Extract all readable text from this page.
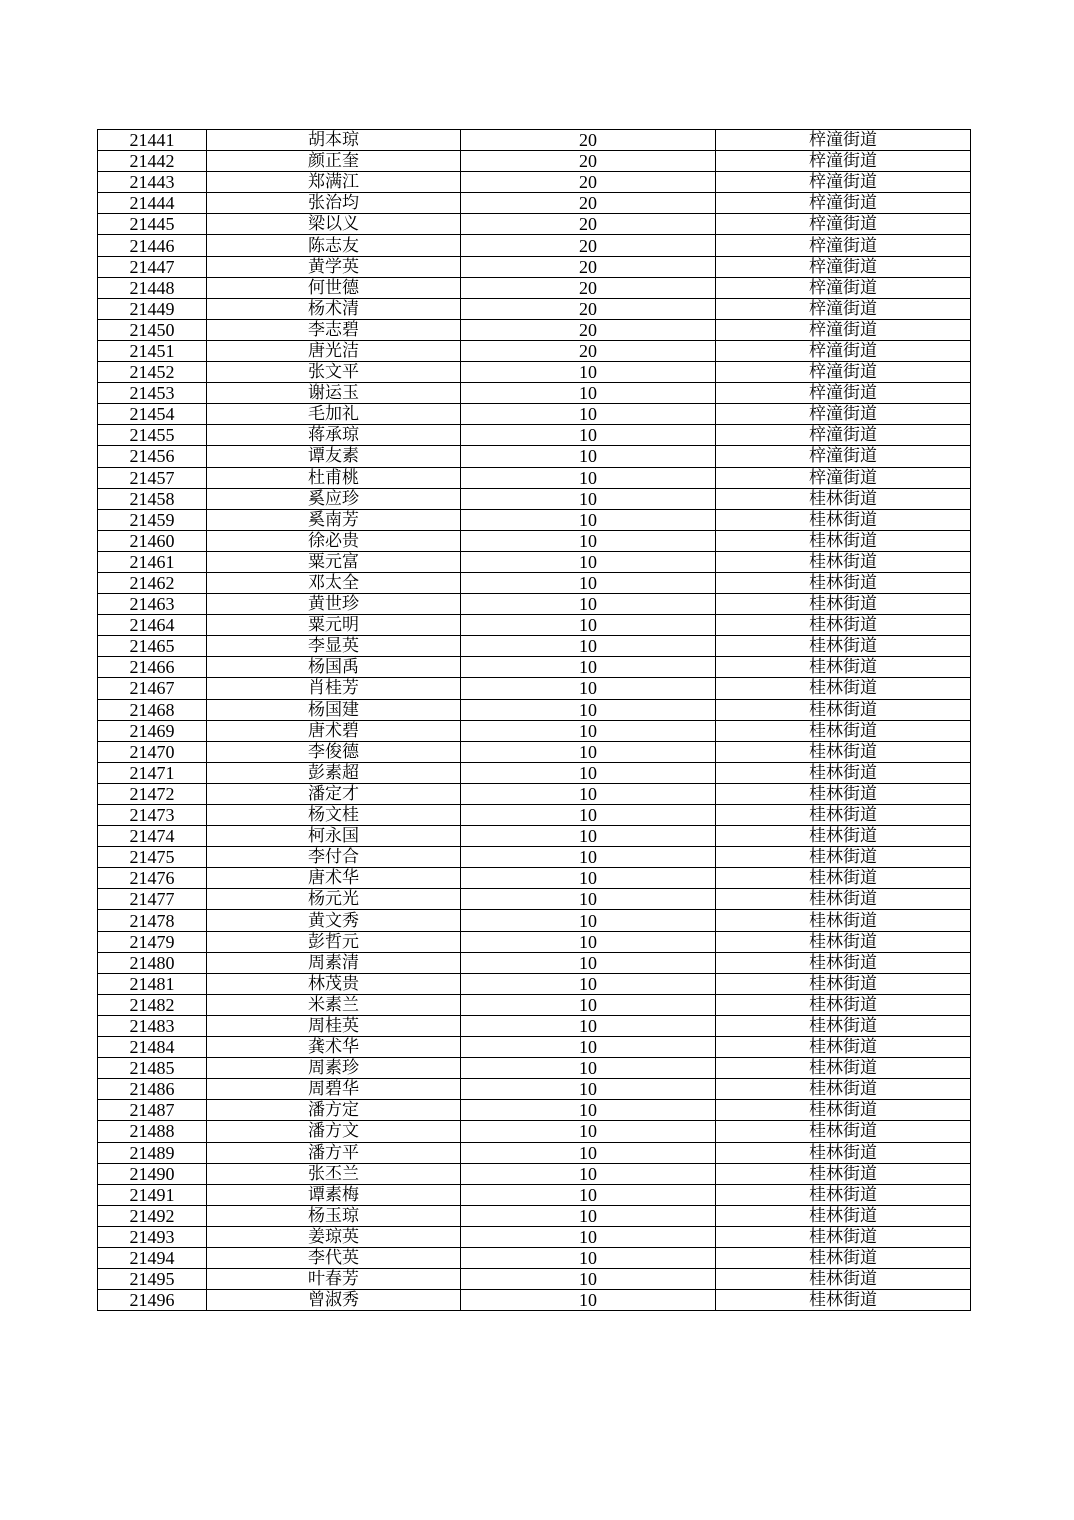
21441	胡本琼	20	梓潼街道
21442	颜正奎	20	梓潼街道
21443	郑满江	20	梓潼街道
21444	张治均	20	梓潼街道
21445	梁以义	20	梓潼街道
21446	陈志友	20	梓潼街道
21447	黄学英	20	梓潼街道
21448	何世德	20	梓潼街道
21449	杨术清	20	梓潼街道
21450	李志碧	20	梓潼街道
21451	唐光洁	20	梓潼街道
21452	张文平	10	梓潼街道
21453	谢运玉	10	梓潼街道
21454	毛加礼	10	梓潼街道
21455	蒋承琼	10	梓潼街道
21456	谭友素	10	梓潼街道
21457	杜甫桃	10	梓潼街道
21458	奚应珍	10	桂林街道
21459	奚南芳	10	桂林街道
21460	徐必贵	10	桂林街道
21461	粟元富	10	桂林街道
21462	邓太全	10	桂林街道
21463	黄世珍	10	桂林街道
21464	粟元明	10	桂林街道
21465	李显英	10	桂林街道
21466	杨国禹	10	桂林街道
21467	肖桂芳	10	桂林街道
21468	杨国建	10	桂林街道
21469	唐术碧	10	桂林街道
21470	李俊德	10	桂林街道
21471	彭素超	10	桂林街道
21472	潘定才	10	桂林街道
21473	杨文桂	10	桂林街道
21474	柯永国	10	桂林街道
21475	李付合	10	桂林街道
21476	唐术华	10	桂林街道
21477	杨元光	10	桂林街道
21478	黄文秀	10	桂林街道
21479	彭哲元	10	桂林街道
21480	周素清	10	桂林街道
21481	林茂贵	10	桂林街道
21482	米素兰	10	桂林街道
21483	周桂英	10	桂林街道
21484	龚术华	10	桂林街道
21485	周素珍	10	桂林街道
21486	周碧华	10	桂林街道
21487	潘方定	10	桂林街道
21488	潘方文	10	桂林街道
21489	潘方平	10	桂林街道
21490	张丕兰	10	桂林街道
21491	谭素梅	10	桂林街道
21492	杨玉琼	10	桂林街道
21493	姜琼英	10	桂林街道
21494	李代英	10	桂林街道
21495	叶春芳	10	桂林街道
21496	曾淑秀	10	桂林街道
